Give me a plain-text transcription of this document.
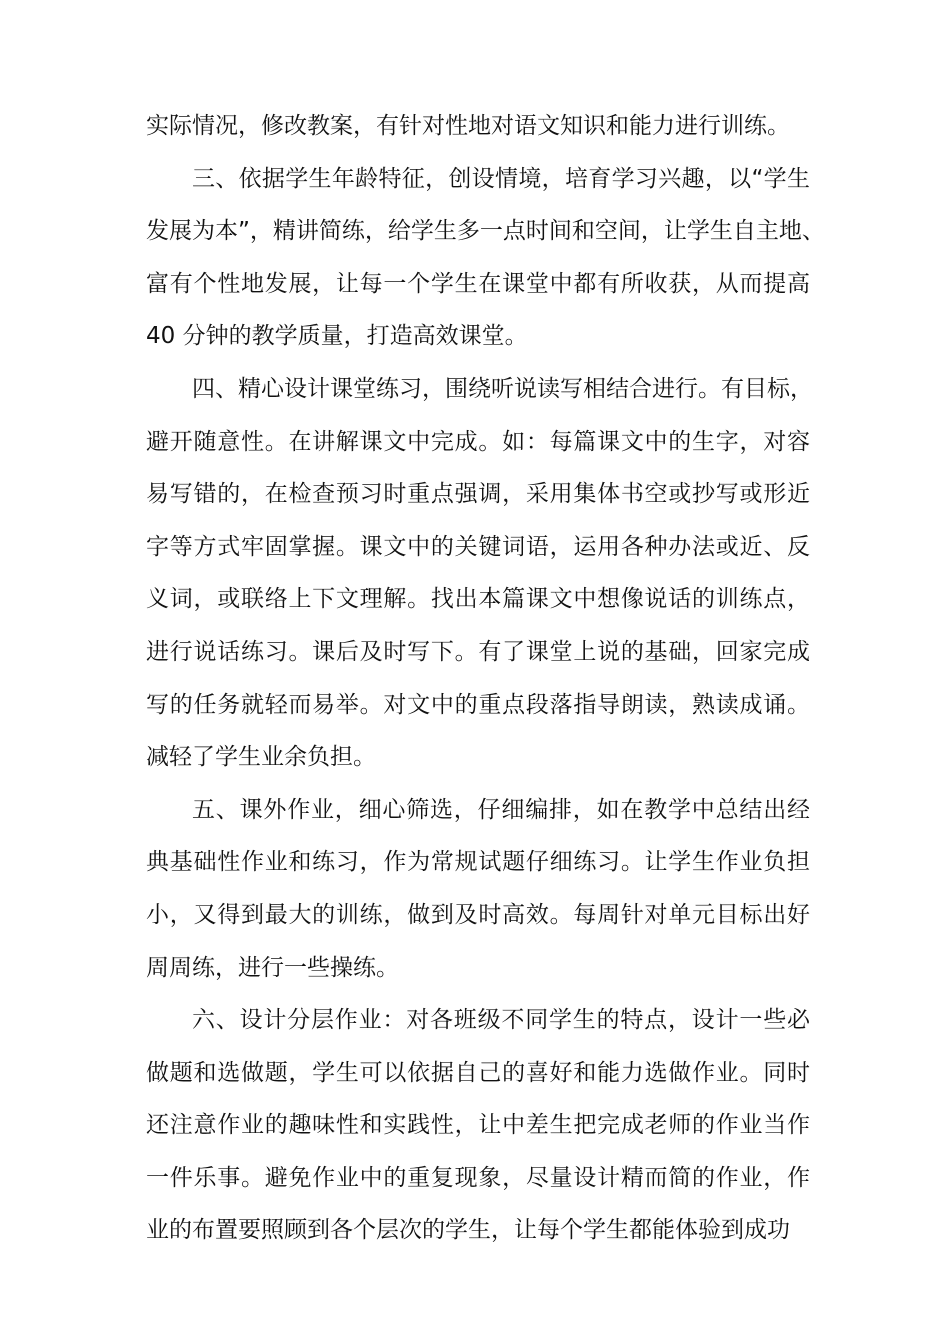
实际情况，修改教案，有针对性地对语文知识和能力进行训练。
三、依据学生年龄特征，创设情境，培育学习兴趣，以“学生
发展为本”，精讲简练，给学生多一点时间和空间，让学生自主地、
富有个性地发展，让每一个学生在课堂中都有所收获，从而提高
40 分钟的教学质量，打造高效课堂。
四、精心设计课堂练习，围绕听说读写相结合进行。有目标，
避开随意性。在讲解课文中完成。如：每篇课文中的生字，对容
易写错的，在检查预习时重点强调，采用集体书空或抄写或形近
字等方式牢固掌握。课文中的关键词语，运用各种办法或近、反
义词，或联络上下文理解。找出本篇课文中想像说话的训练点，
进行说话练习。课后及时写下。有了课堂上说的基础，回家完成
写的任务就轻而易举。对文中的重点段落指导朗读，熟读成诵。
减轻了学生业余负担。
五、课外作业，细心筛选，仔细编排，如在教学中总结出经
典基础性作业和练习，作为常规试题仔细练习。让学生作业负担
小，又得到最大的训练，做到及时高效。每周针对单元目标出好
周周练，进行一些操练。
六、设计分层作业：对各班级不同学生的特点，设计一些必
做题和选做题，学生可以依据自己的喜好和能力选做作业。同时
还注意作业的趣味性和实践性，让中差生把完成老师的作业当作
一件乐事。避免作业中的重复现象，尽量设计精而简的作业，作
业的布置要照顾到各个层次的学生，让每个学生都能体验到成功
